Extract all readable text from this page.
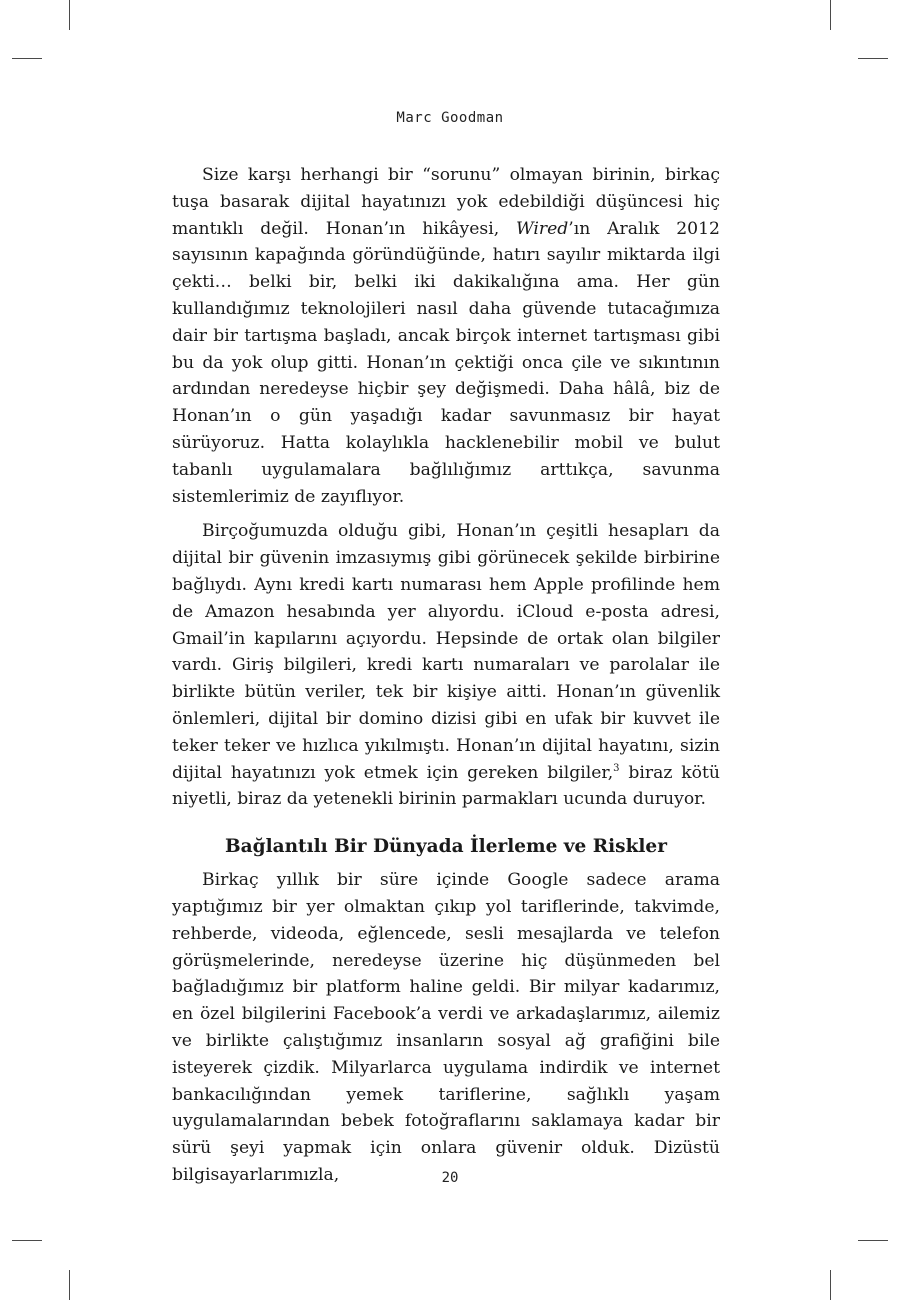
Marc Goodman

Size karşı herhangi bir “sorunu” olmayan birinin, birkaç tuşa basarak dijital hayatınızı yok edebildiği düşüncesi hiç mantıklı değil. Honan’ın hikâyesi, Wired’ın Aralık 2012 sayısının kapağında göründüğünde, hatırı sayılır miktarda ilgi çekti… belki bir, belki iki dakikalığına ama. Her gün kullandığımız teknolojileri nasıl daha güvende tutacağımıza dair bir tartışma başladı, ancak birçok internet tartışması gibi bu da yok olup gitti. Honan’ın çektiği onca çile ve sıkıntının ardından neredeyse hiçbir şey değişmedi. Daha hâlâ, biz de Honan’ın o gün yaşadığı kadar savunmasız bir hayat sürüyoruz. Hatta kolaylıkla hacklenebilir mobil ve bulut tabanlı uygulamalara bağlılığımız arttıkça, savunma sistemlerimiz de zayıflıyor.

Birçoğumuzda olduğu gibi, Honan’ın çeşitli hesapları da dijital bir güvenin imzasıymış gibi görünecek şekilde birbirine bağlıydı. Aynı kredi kartı numarası hem Apple profilinde hem de Amazon hesabında yer alıyordu. iCloud e-posta adresi, Gmail’in kapılarını açıyordu. Hepsinde de ortak olan bilgiler vardı. Giriş bilgileri, kredi kartı numaraları ve parolalar ile birlikte bütün veriler, tek bir kişiye aitti. Honan’ın güvenlik önlemleri, dijital bir domino dizisi gibi en ufak bir kuvvet ile teker teker ve hızlıca yıkılmıştı. Honan’ın dijital hayatını, sizin dijital hayatınızı yok etmek için gereken bilgiler,$^3$ biraz kötü niyetli, biraz da yetenekli birinin parmakları ucunda duruyor.

Bağlantılı Bir Dünyada İlerleme ve Riskler

Birkaç yıllık bir süre içinde Google sadece arama yaptığımız bir yer olmaktan çıkıp yol tariflerinde, takvimde, rehberde, videoda, eğlencede, sesli mesajlarda ve telefon görüşmelerinde, neredeyse üzerine hiç düşünmeden bel bağladığımız bir platform haline geldi. Bir milyar kadarımız, en özel bilgilerini Facebook’a verdi ve arkadaşlarımız, ailemiz ve birlikte çalıştığımız insanların sosyal ağ grafiğini bile isteyerek çizdik. Milyarlarca uygulama indirdik ve internet bankacılığından yemek tariflerine, sağlıklı yaşam uygulamalarından bebek fotoğraflarını saklamaya kadar bir sürü şeyi yapmak için onlara güvenir olduk. Dizüstü bilgisayarlarımızla,	20
